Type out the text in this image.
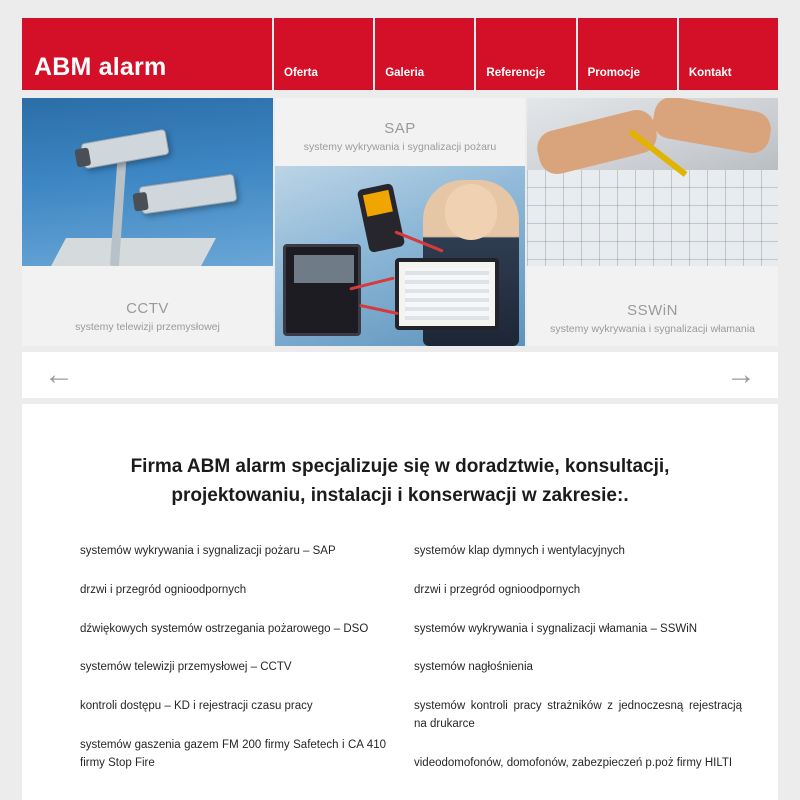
ABM alarm	Oferta	Galeria	Referencje	Promocje	Kontakt
CCTV
systemy telewizji przemysłowej
SAP
systemy wykrywania i sygnalizacji pożaru
SSWiN
systemy wykrywania i sygnalizacji włamania
←	→
Firma ABM alarm specjalizuje się w doradztwie, konsultacji, projektowaniu, instalacji i konserwacji w zakresie:.
systemów wykrywania i sygnalizacji pożaru – SAP
drzwi i przegród ognioodpornych
dźwiękowych systemów ostrzegania pożarowego – DSO
systemów telewizji przemysłowej – CCTV
kontroli dostępu – KD i rejestracji czasu pracy
systemów gaszenia gazem FM 200 firmy Safetech i CA 410 firmy Stop Fire
systemów klap dymnych i wentylacyjnych
drzwi i przegród ognioodpornych
systemów wykrywania i sygnalizacji włamania – SSWiN
systemów nagłośnienia
systemów kontroli pracy strażników z jednoczesną rejestracją na drukarce
videodomofonów, domofonów, zabezpieczeń p.poż firmy HILTI
